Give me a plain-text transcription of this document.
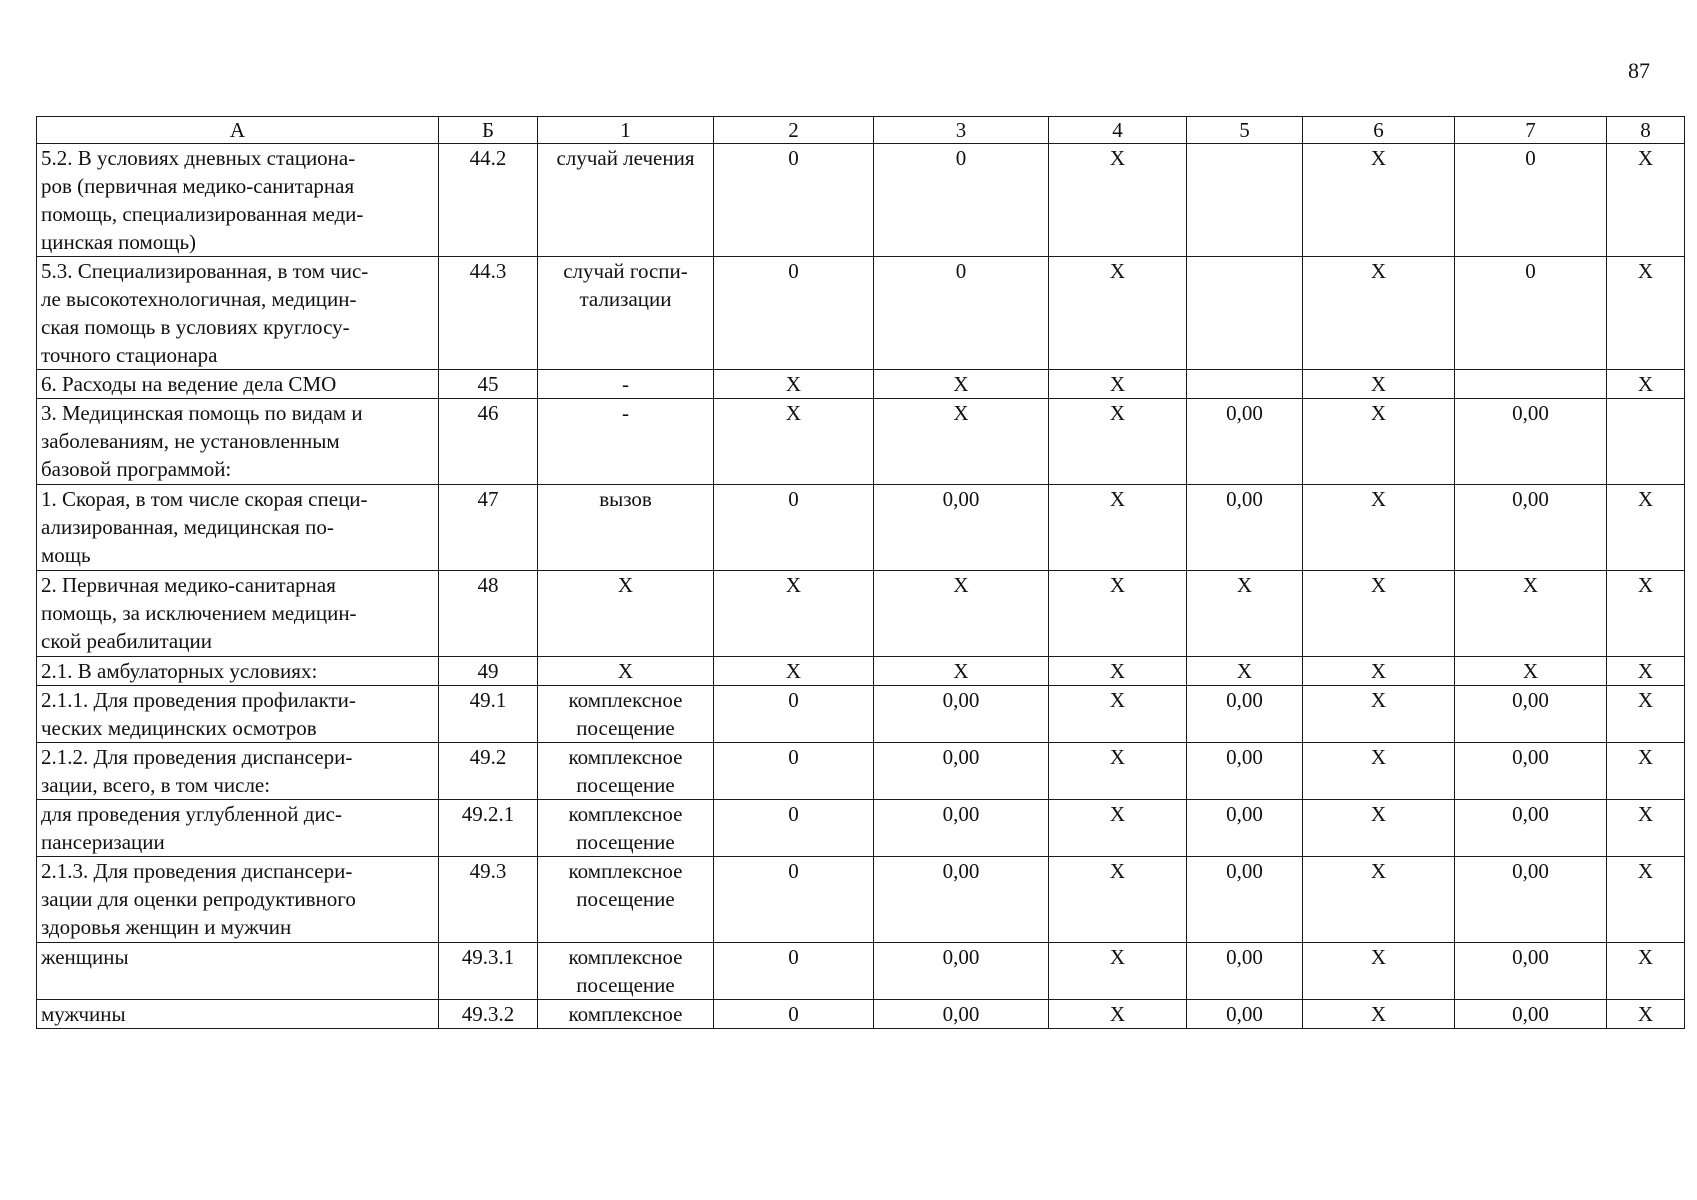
87
А	Б	1	2	3	4	5	6	7	8
5.2. В условиях дневных стациона-
ров (первичная медико-санитарная
помощь, специализированная меди-
цинская помощь)	44.2	случай лечения	0	0	X		X	0	X
5.3. Специализированная, в том чис-
ле высокотехнологичная, медицин-
ская помощь в условиях круглосу-
точного стационара	44.3	случай госпи-
тализации	0	0	X		X	0	X
6. Расходы на ведение дела СМО	45	-	X	X	X		X		X
3. Медицинская помощь по видам и
заболеваниям, не установленным
базовой программой:	46	-	X	X	X	0,00	X	0,00	
1. Скорая, в том числе скорая специ-
ализированная, медицинская по-
мощь	47	вызов	0	0,00	X	0,00	X	0,00	X
2. Первичная медико-санитарная
помощь, за исключением медицин-
ской реабилитации	48	X	X	X	X	X	X	X	X
2.1. В амбулаторных условиях:	49	X	X	X	X	X	X	X	X
2.1.1. Для проведения профилакти-
ческих медицинских осмотров	49.1	комплексное
посещение	0	0,00	X	0,00	X	0,00	X
2.1.2. Для проведения диспансери-
зации, всего, в том числе:	49.2	комплексное
посещение	0	0,00	X	0,00	X	0,00	X
для проведения углубленной дис-
пансеризации	49.2.1	комплексное
посещение	0	0,00	X	0,00	X	0,00	X
2.1.3. Для проведения диспансери-
зации для оценки репродуктивного
здоровья женщин и мужчин	49.3	комплексное
посещение	0	0,00	X	0,00	X	0,00	X
женщины	49.3.1	комплексное
посещение	0	0,00	X	0,00	X	0,00	X
мужчины	49.3.2	комплексное	0	0,00	X	0,00	X	0,00	X
